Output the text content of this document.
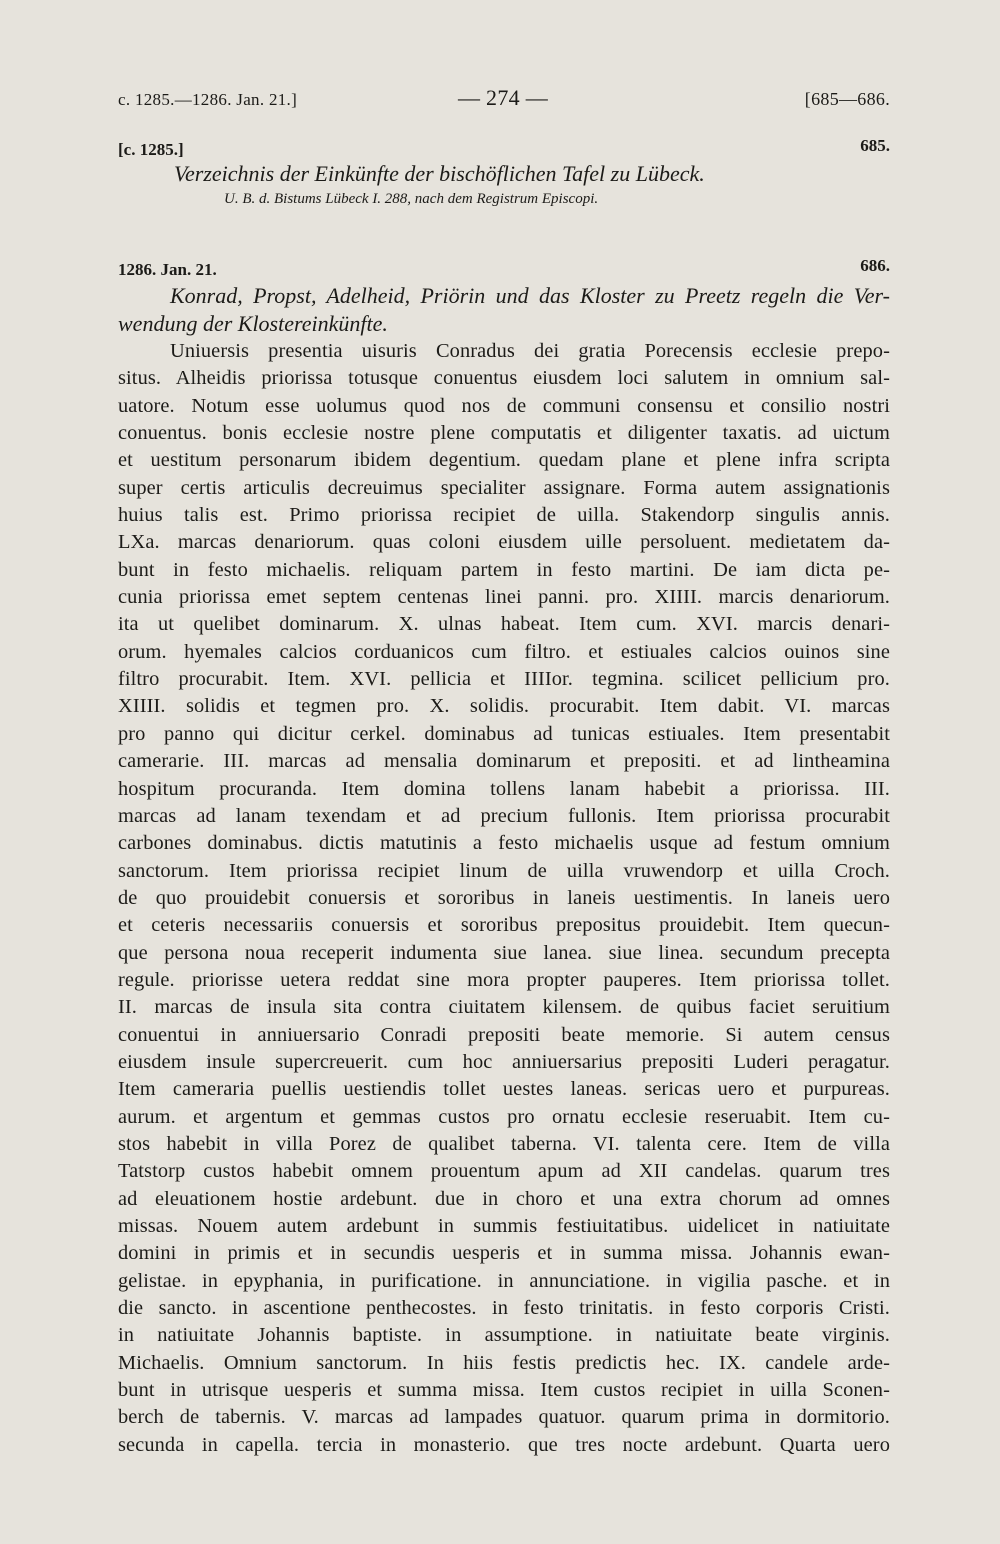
c. 1285.—1286. Jan. 21.]	— 274 —	[685—686.
[c. 1285.]	685.
Verzeichnis der Einkünfte der bischöflichen Tafel zu Lübeck.
U. B. d. Bistums Lübeck I. 288, nach dem Registrum Episcopi.
1286. Jan. 21.	686.
Konrad, Propst, Adelheid, Priörin und das Kloster zu Preetz regeln die Ver-
wendung der Klostereinkünfte.
Uniuersis presentia uisuris Conradus dei gratia Porecensis ecclesie prepo-
situs. Alheidis priorissa totusque conuentus eiusdem loci salutem in omnium sal-
uatore. Notum esse uolumus quod nos de communi consensu et consilio nostri
conuentus. bonis ecclesie nostre plene computatis et diligenter taxatis. ad uictum
et uestitum personarum ibidem degentium. quedam plane et plene infra scripta
super certis articulis decreuimus specialiter assignare. Forma autem assignationis
huius talis est. Primo priorissa recipiet de uilla. Stakendorp singulis annis.
LXa. marcas denariorum. quas coloni eiusdem uille persoluent. medietatem da-
bunt in festo michaelis. reliquam partem in festo martini. De iam dicta pe-
cunia priorissa emet septem centenas linei panni. pro. XIIII. marcis denariorum.
ita ut quelibet dominarum. X. ulnas habeat. Item cum. XVI. marcis denari-
orum. hyemales calcios corduanicos cum filtro. et estiuales calcios ouinos sine
filtro procurabit. Item. XVI. pellicia et IIIIor. tegmina. scilicet pellicium pro.
XIIII. solidis et tegmen pro. X. solidis. procurabit. Item dabit. VI. marcas
pro panno qui dicitur cerkel. dominabus ad tunicas estiuales. Item presentabit
camerarie. III. marcas ad mensalia dominarum et prepositi. et ad lintheamina
hospitum procuranda. Item domina tollens lanam habebit a priorissa. III.
marcas ad lanam texendam et ad precium fullonis. Item priorissa procurabit
carbones dominabus. dictis matutinis a festo michaelis usque ad festum omnium
sanctorum. Item priorissa recipiet linum de uilla vruwendorp et uilla Croch.
de quo prouidebit conuersis et sororibus in laneis uestimentis. In laneis uero
et ceteris necessariis conuersis et sororibus prepositus prouidebit. Item quecun-
que persona noua receperit indumenta siue lanea. siue linea. secundum precepta
regule. priorisse uetera reddat sine mora propter pauperes. Item priorissa tollet.
II. marcas de insula sita contra ciuitatem kilensem. de quibus faciet seruitium
conuentui in anniuersario Conradi prepositi beate memorie. Si autem census
eiusdem insule supercreuerit. cum hoc anniuersarius prepositi Luderi peragatur.
Item cameraria puellis uestiendis tollet uestes laneas. sericas uero et purpureas.
aurum. et argentum et gemmas custos pro ornatu ecclesie reseruabit. Item cu-
stos habebit in villa Porez de qualibet taberna. VI. talenta cere. Item de villa
Tatstorp custos habebit omnem prouentum apum ad XII candelas. quarum tres
ad eleuationem hostie ardebunt. due in choro et una extra chorum ad omnes
missas. Nouem autem ardebunt in summis festiuitatibus. uidelicet in natiuitate
domini in primis et in secundis uesperis et in summa missa. Johannis ewan-
gelistae. in epyphania, in purificatione. in annunciatione. in vigilia pasche. et in
die sancto. in ascentione penthecostes. in festo trinitatis. in festo corporis Cristi.
in natiuitate Johannis baptiste. in assumptione. in natiuitate beate virginis.
Michaelis. Omnium sanctorum. In hiis festis predictis hec. IX. candele arde-
bunt in utrisque uesperis et summa missa. Item custos recipiet in uilla Sconen-
berch de tabernis. V. marcas ad lampades quatuor. quarum prima in dormitorio.
secunda in capella. tercia in monasterio. que tres nocte ardebunt. Quarta uero
